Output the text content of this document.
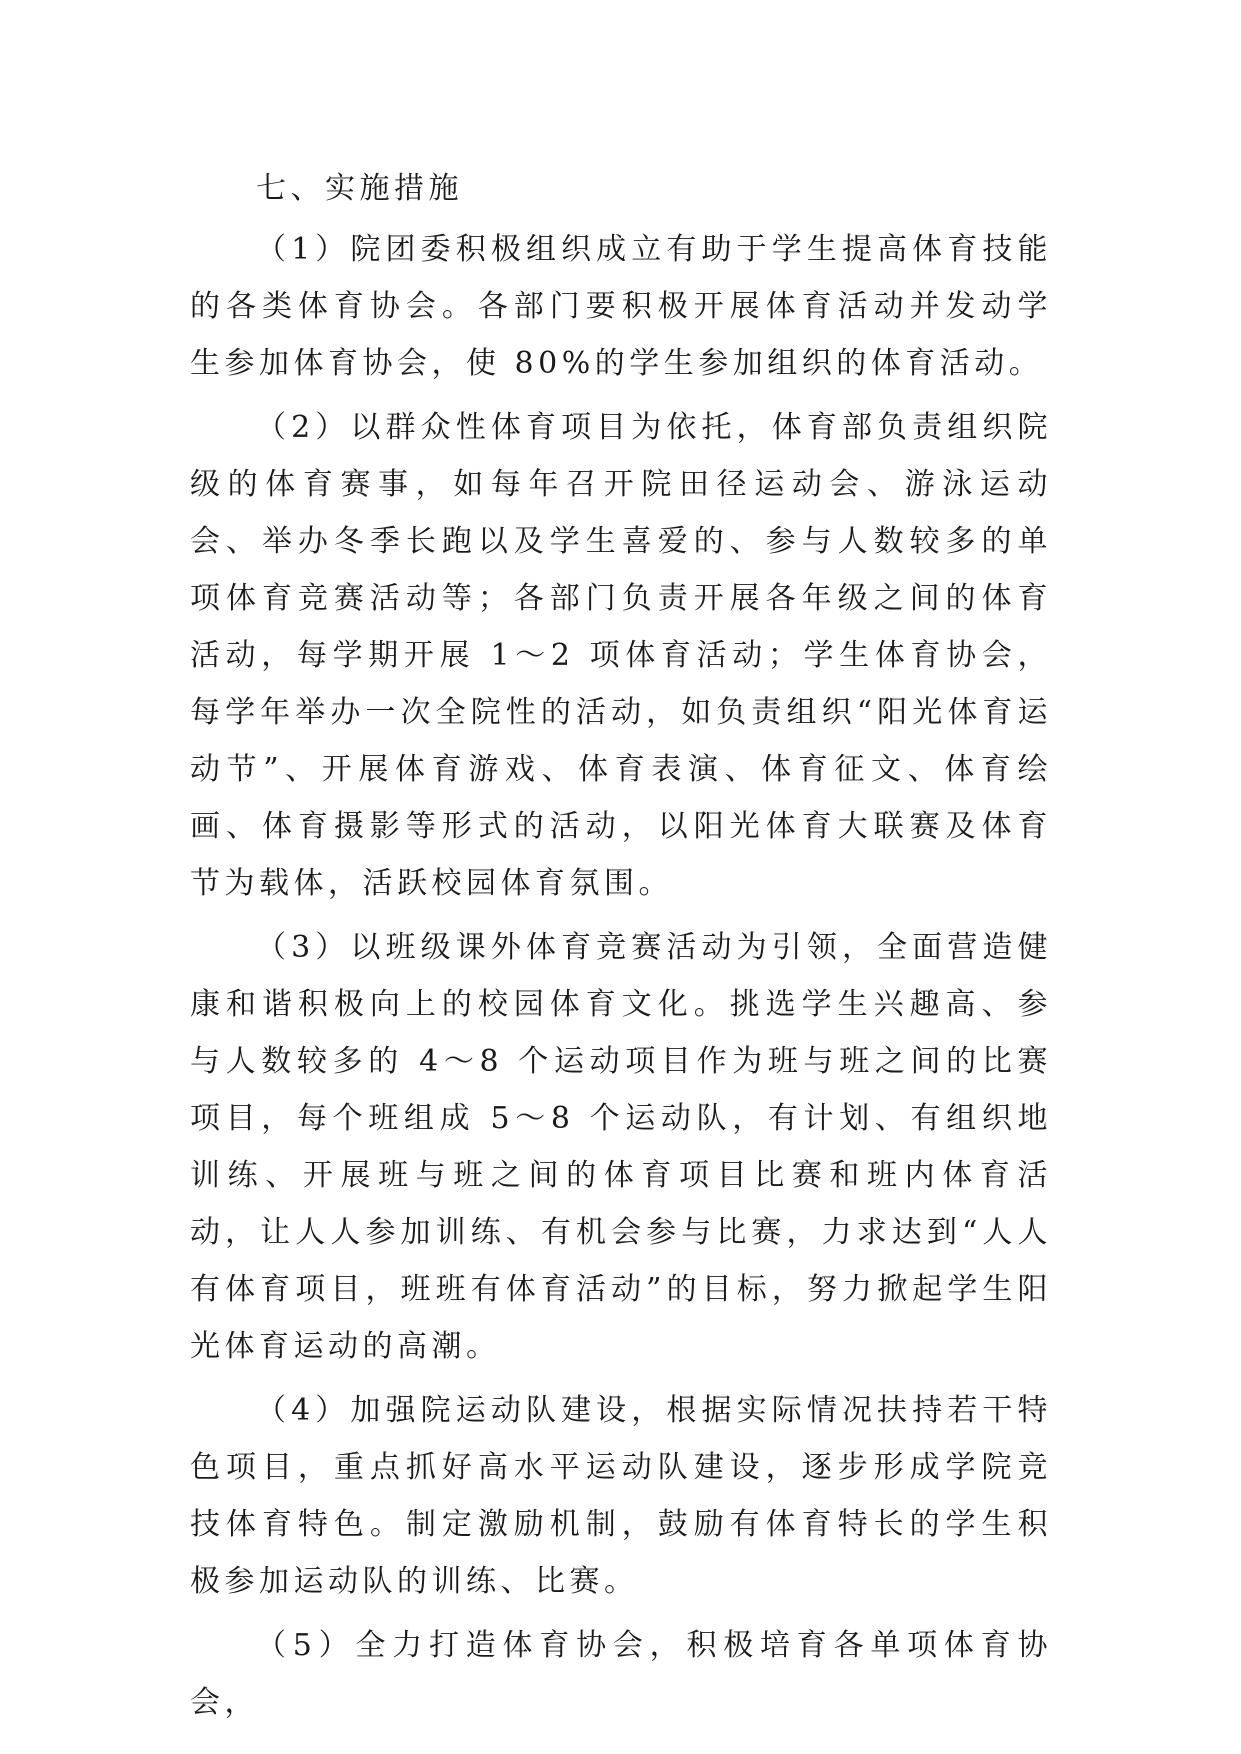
七、实施措施

（1）院团委积极组织成立有助于学生提高体育技能的各类体育协会。各部门要积极开展体育活动并发动学生参加体育协会，使 80%的学生参加组织的体育活动。

（2）以群众性体育项目为依托，体育部负责组织院级的体育赛事，如每年召开院田径运动会、游泳运动会、举办冬季长跑以及学生喜爱的、参与人数较多的单项体育竞赛活动等；各部门负责开展各年级之间的体育活动，每学期开展 1～2 项体育活动；学生体育协会，每学年举办一次全院性的活动，如负责组织“阳光体育运动节”、开展体育游戏、体育表演、体育征文、体育绘画、体育摄影等形式的活动，以阳光体育大联赛及体育节为载体，活跃校园体育氛围。

（3）以班级课外体育竞赛活动为引领，全面营造健康和谐积极向上的校园体育文化。挑选学生兴趣高、参与人数较多的 4～8 个运动项目作为班与班之间的比赛项目，每个班组成 5～8 个运动队，有计划、有组织地训练、开展班与班之间的体育项目比赛和班内体育活动，让人人参加训练、有机会参与比赛，力求达到“人人有体育项目，班班有体育活动”的目标，努力掀起学生阳光体育运动的高潮。

（4）加强院运动队建设，根据实际情况扶持若干特色项目，重点抓好高水平运动队建设，逐步形成学院竞技体育特色。制定激励机制，鼓励有体育特长的学生积极参加运动队的训练、比赛。

（5）全力打造体育协会，积极培育各单项体育协会，
